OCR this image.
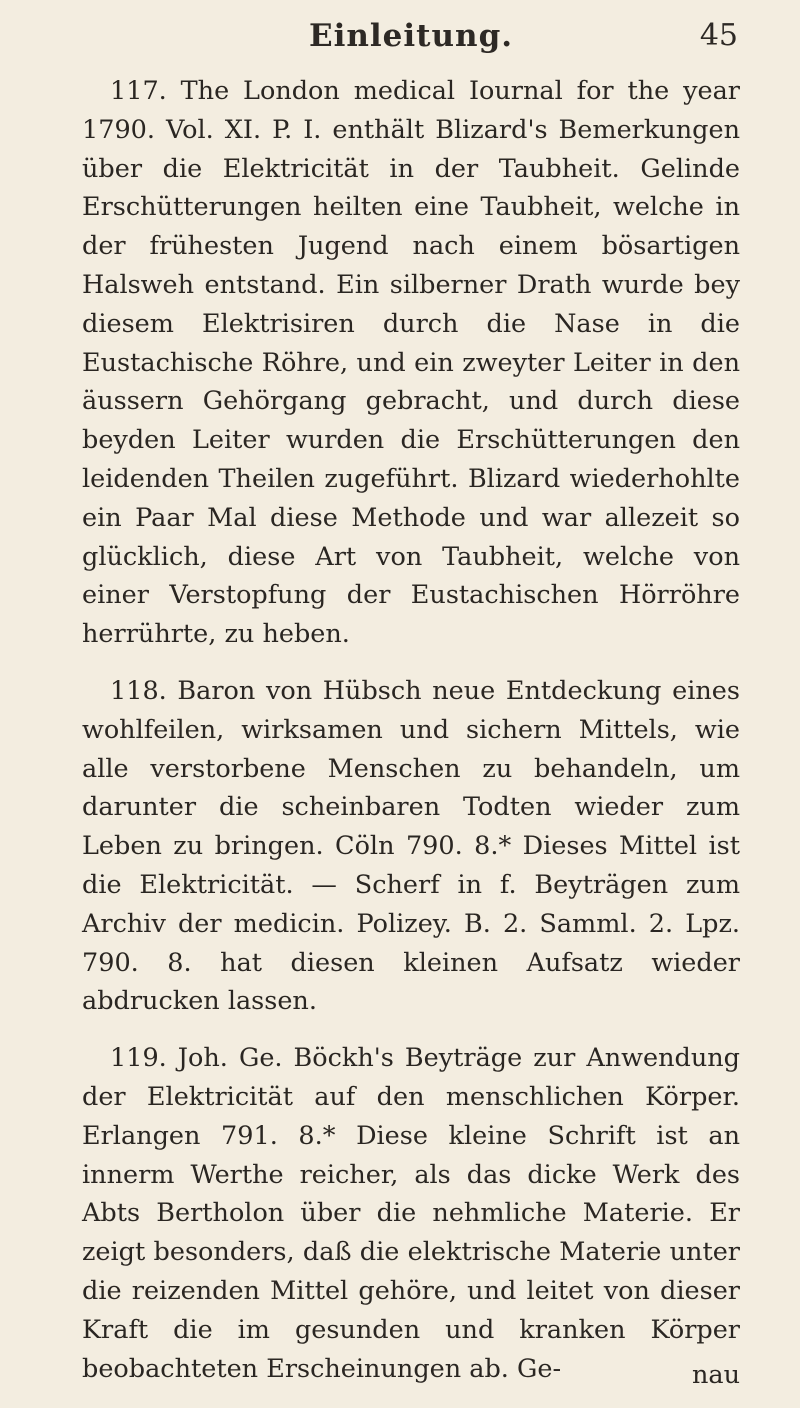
Einleitung.	45

117. The London medical Iournal for the year 1790. Vol. XI. P. I. enthält Blizard's Bemerkungen über die Elektricität in der Taubheit. Gelinde Erschütterungen heilten eine Taubheit, welche in der frühesten Jugend nach einem bösartigen Halsweh entstand. Ein silberner Drath wurde bey diesem Elektrisiren durch die Nase in die Eustachische Röhre, und ein zweyter Leiter in den äussern Gehörgang gebracht, und durch diese beyden Leiter wurden die Erschütterungen den leidenden Theilen zugeführt. Blizard wiederhohlte ein Paar Mal diese Methode und war allezeit so glücklich, diese Art von Taubheit, welche von einer Verstopfung der Eustachischen Hörröhre herrührte, zu heben.

118. Baron von Hübsch neue Entdeckung eines wohlfeilen, wirksamen und sichern Mittels, wie alle verstorbene Menschen zu behandeln, um darunter die scheinbaren Todten wieder zum Leben zu bringen. Cöln 790. 8.* Dieses Mittel ist die Elektricität. — Scherf in f. Beyträgen zum Archiv der medicin. Polizey. B. 2. Samml. 2. Lpz. 790. 8. hat diesen kleinen Aufsatz wieder abdrucken lassen.

119. Joh. Ge. Böckh's Beyträge zur Anwendung der Elektricität auf den menschlichen Körper. Erlangen 791. 8.* Diese kleine Schrift ist an innerm Werthe reicher, als das dicke Werk des Abts Bertholon über die nehmliche Materie. Er zeigt besonders, daß die elektrische Materie unter die reizenden Mittel gehöre, und leitet von dieser Kraft die im gesunden und kranken Körper beobachteten Erscheinungen ab. Ge-	nau
